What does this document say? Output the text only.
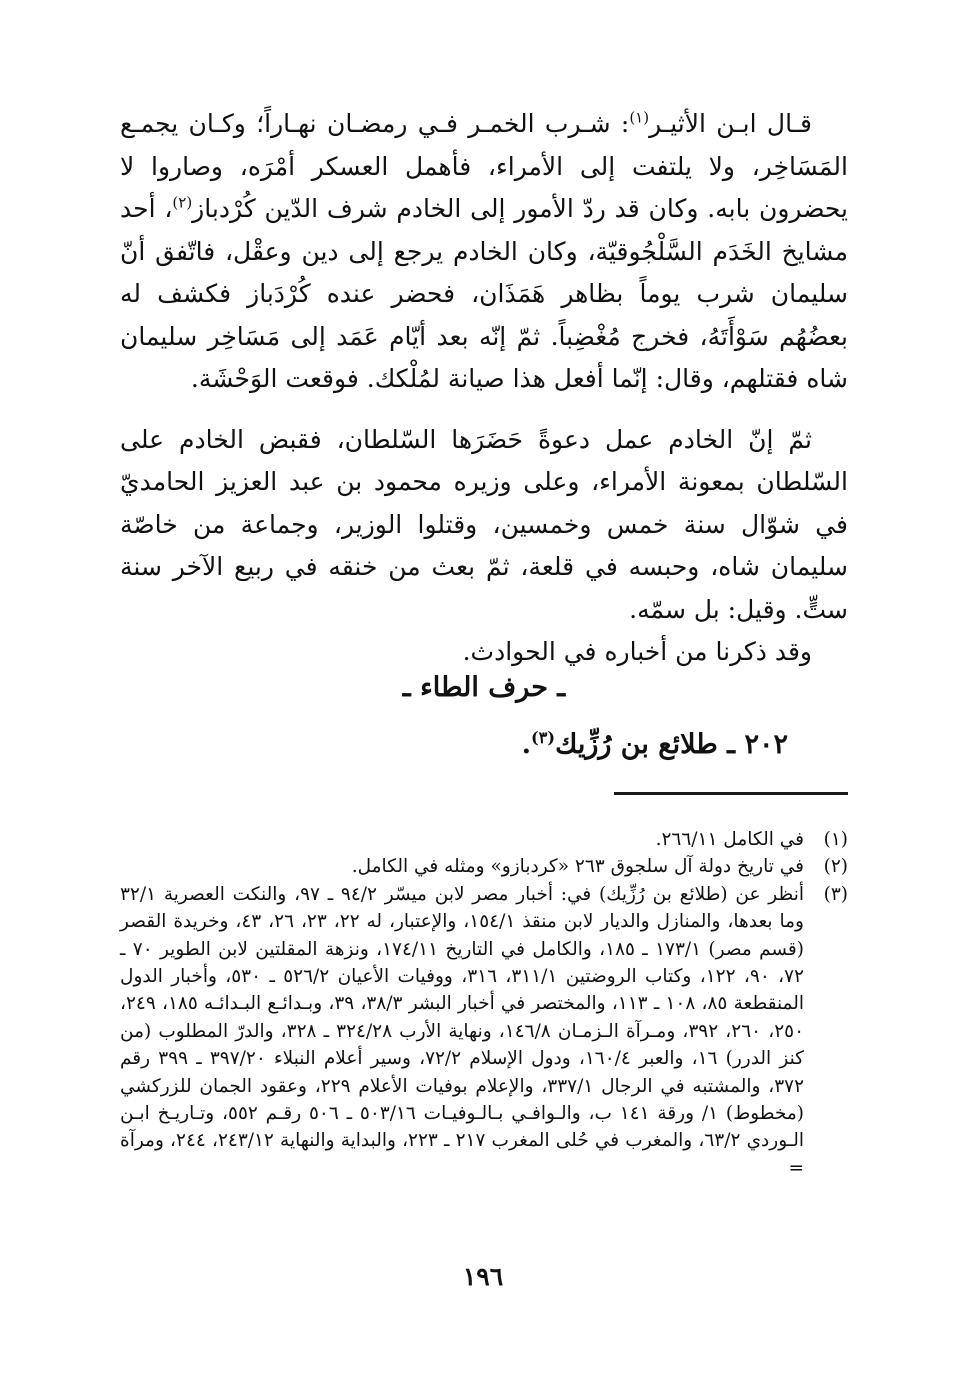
قـال ابـن الأثيـر$^{(١)}$: شـرب الخمـر فـي رمضـان نهـاراً؛ وكـان يجمـع المَسَاخِر، ولا يلتفت إلى الأمراء، فأهمل العسكر أمْرَه، وصاروا لا يحضرون بابه. وكان قد ردّ الأمور إلى الخادم شرف الدّين كُرْدباز$^{(٢)}$، أحد مشايخ الخَدَم السَّلْجُوقيّة، وكان الخادم يرجع إلى دين وعقْل، فاتّفق أنّ سليمان شرب يوماً بظاهر هَمَذَان، فحضر عنده كُرْدَباز فكشف له بعضُهُم سَوْأَتَهُ، فخرج مُغْضِباً. ثمّ إنّه بعد أيّام عَمَد إلى مَسَاخِر سليمان شاه فقتلهم، وقال: إنّما أفعل هذا صيانة لمُلْكك. فوقعت الوَحْشَة.

ثمّ إنّ الخادم عمل دعوةً حَضَرَها السّلطان، فقبض الخادم على السّلطان بمعونة الأمراء، وعلى وزيره محمود بن عبد العزيز الحامديّ في شوّال سنة خمس وخمسين، وقتلوا الوزير، وجماعة من خاصّة سليمان شاه، وحبسه في قلعة، ثمّ بعث من خنقه في ربيع الآخر سنة ستٍّ. وقيل: بل سمّه.

وقد ذكرنا من أخباره في الحوادث.

ـ حرف الطاء ـ
٢٠٢ ـ طلائع بن رُزِّيك$^{(٣)}$.
(١)
في الكامل ٢٦٦/١١.
(٢)
في تاريخ دولة آل سلجوق ٢٦٣ «كردبازو» ومثله في الكامل.
(٣)
أنظر عن (طلائع بن رُزِّيك) في: أخبار مصر لابن ميسّر ٩٤/٢ ـ ٩٧، والنكت العصرية ٣٢/١ وما بعدها، والمنازل والديار لابن منقذ ١٥٤/١، والإعتبار، له ٢٢، ٢٣، ٢٦، ٤٣، وخريدة القصر (قسم مصر) ١٧٣/١ ـ ١٨٥، والكامل في التاريخ ١٧٤/١١، ونزهة المقلتين لابن الطوير ٧٠ ـ ٧٢، ٩٠، ١٢٢، وكتاب الروضتين ٣١١/١، ٣١٦، ووفيات الأعيان ٥٢٦/٢ ـ ٥٣٠، وأخبار الدول المنقطعة ٨٥، ١٠٨ ـ ١١٣، والمختصر في أخبار البشر ٣٨/٣، ٣٩، وبـدائـع البـدائـه ١٨٥، ٢٤٩، ٢٥٠، ٢٦٠، ٣٩٢، ومـرآة الـزمـان ١٤٦/٨، ونهاية الأرب ٣٢٤/٢٨ ـ ٣٢٨، والدرّ المطلوب (من كنز الدرر) ١٦، والعبر ١٦٠/٤، ودول الإسلام ٧٢/٢، وسير أعلام النبلاء ٣٩٧/٢٠ ـ ٣٩٩ رقم ٣٧٢، والمشتبه في الرجال ٣٣٧/١، والإعلام بوفيات الأعلام ٢٢٩، وعقود الجمان للزركشي (مخطوط) ١/ ورقة ١٤١ ب، والـوافـي بـالـوفيـات ٥٠٣/١٦ ـ ٥٠٦ رقـم ٥٥٢، وتـاريـخ ابـن الـوردي ٦٣/٢، والمغرب في حُلى المغرب ٢١٧ ـ ٢٢٣، والبداية والنهاية ٢٤٣/١٢، ٢٤٤، ومرآة =
١٩٦
